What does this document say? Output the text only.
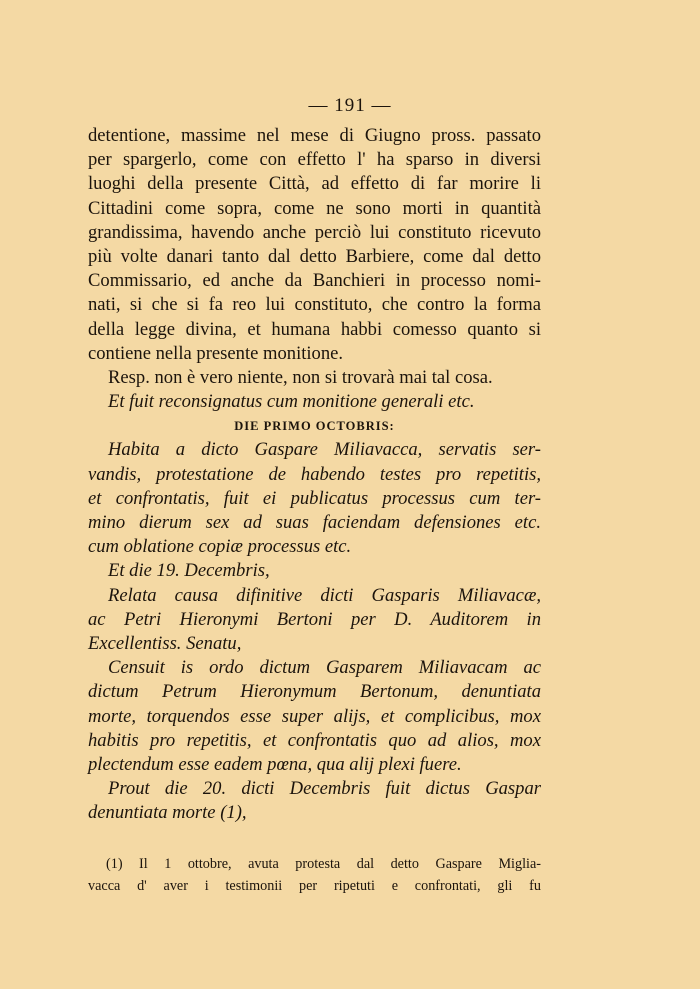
— 191 —
detentione, massime nel mese di Giugno pross. passato
per spargerlo, come con effetto l' ha sparso in diversi
luoghi della presente Città, ad effetto di far morire li
Cittadini come sopra, come ne sono morti in quantità
grandissima, havendo anche perciò lui constituto ricevuto
più volte danari tanto dal detto Barbiere, come dal detto
Commissario, ed anche da Banchieri in processo nomi-
nati, si che si fa reo lui constituto, che contro la forma
della legge divina, et humana habbi comesso quanto si
contiene nella presente monitione.
Resp. non è vero niente, non si trovarà mai tal cosa.
Et fuit reconsignatus cum monitione generali etc.
DIE PRIMO OCTOBRIS:
Habita a dicto Gaspare Miliavacca, servatis ser-
vandis, protestatione de habendo testes pro repetitis,
et confrontatis, fuit ei publicatus processus cum ter-
mino dierum sex ad suas faciendam defensiones etc.
cum oblatione copiæ processus etc.
Et die 19. Decembris,
Relata causa difinitive dicti Gasparis Miliavacæ,
ac Petri Hieronymi Bertoni per D. Auditorem in
Excellentiss. Senatu,
Censuit is ordo dictum Gasparem Miliavacam ac
dictum Petrum Hieronymum Bertonum, denuntiata
morte, torquendos esse super alijs, et complicibus, mox
habitis pro repetitis, et confrontatis quo ad alios, mox
plectendum esse eadem pœna, qua alij plexi fuere.
Prout die 20. dicti Decembris fuit dictus Gaspar
denuntiata morte (1),
(1) Il 1 ottobre, avuta protesta dal detto Gaspare Miglia-
vacca d' aver i testimonii per ripetuti e confrontati, gli fu
